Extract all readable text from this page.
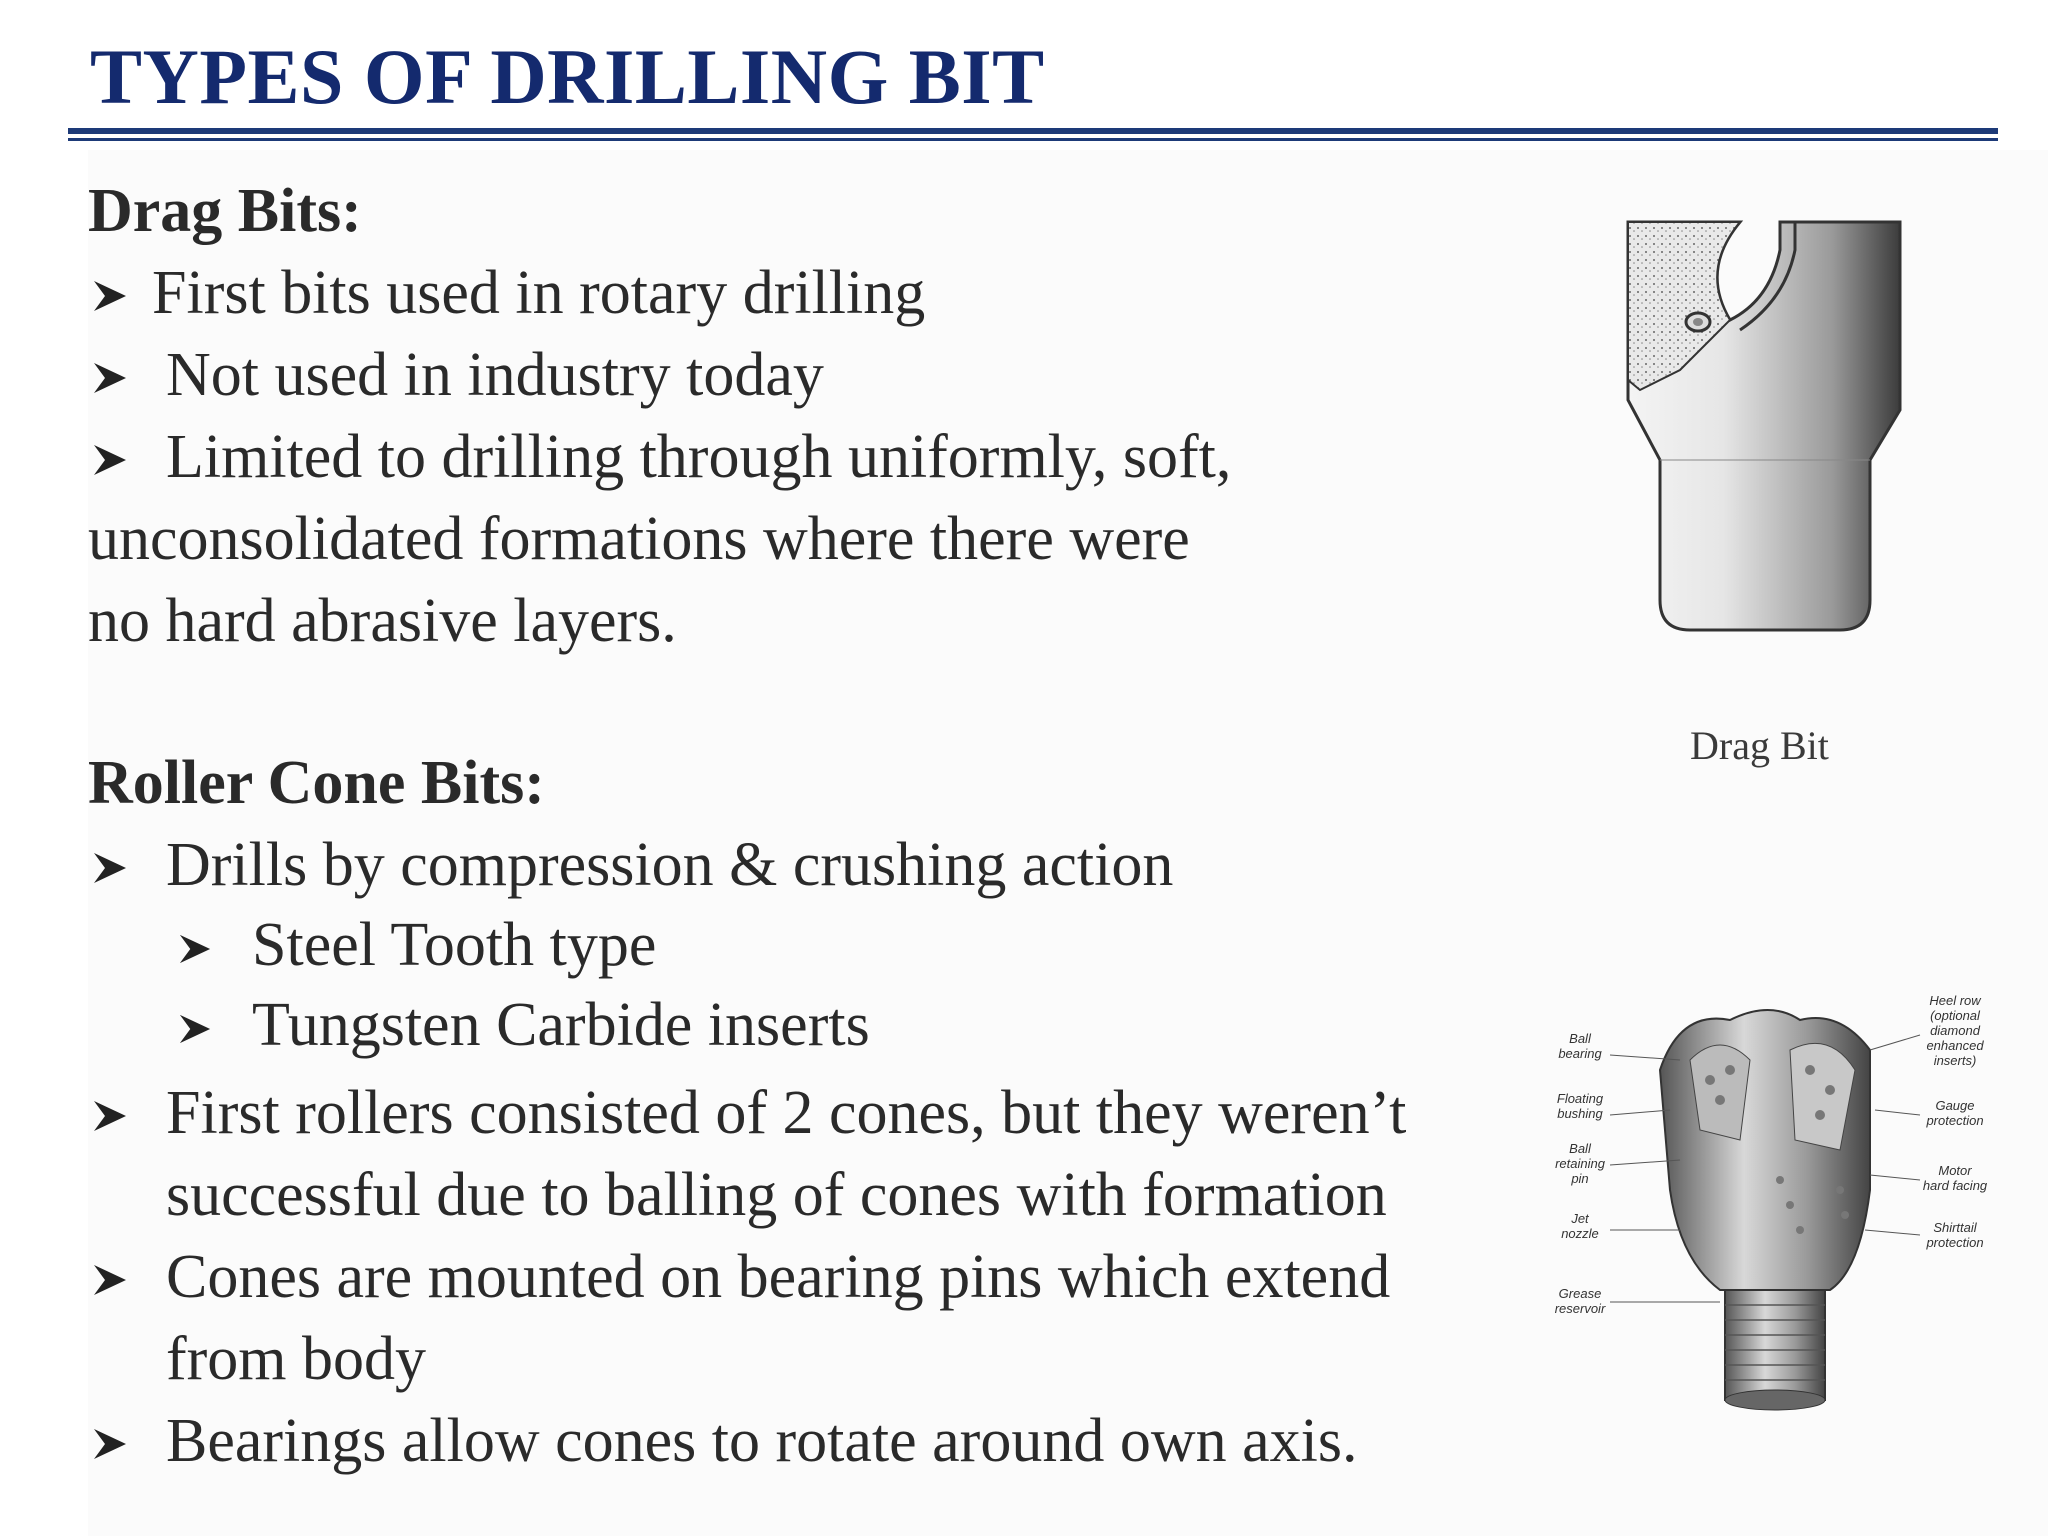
TYPES OF DRILLING BIT
Drag Bits:
First bits used in rotary drilling
Not used in industry today
Limited to drilling through uniformly, soft,
unconsolidated formations where there were
no hard abrasive layers.
Roller Cone Bits:
Drills by compression & crushing action
Steel Tooth type
Tungsten Carbide inserts
First rollers consisted of 2 cones, but they weren’t
successful due to balling of cones with formation
Cones are mounted on bearing pins which extend
from body
Bearings allow cones to rotate around own axis.
Drag Bit
Ball
bearing
Floating
bushing
Ball
retaining
pin
Jet
nozzle
Grease
reservoir
Heel row
(optional
diamond
enhanced
inserts)
Gauge
protection
Motor
hard facing
Shirttail
protection
